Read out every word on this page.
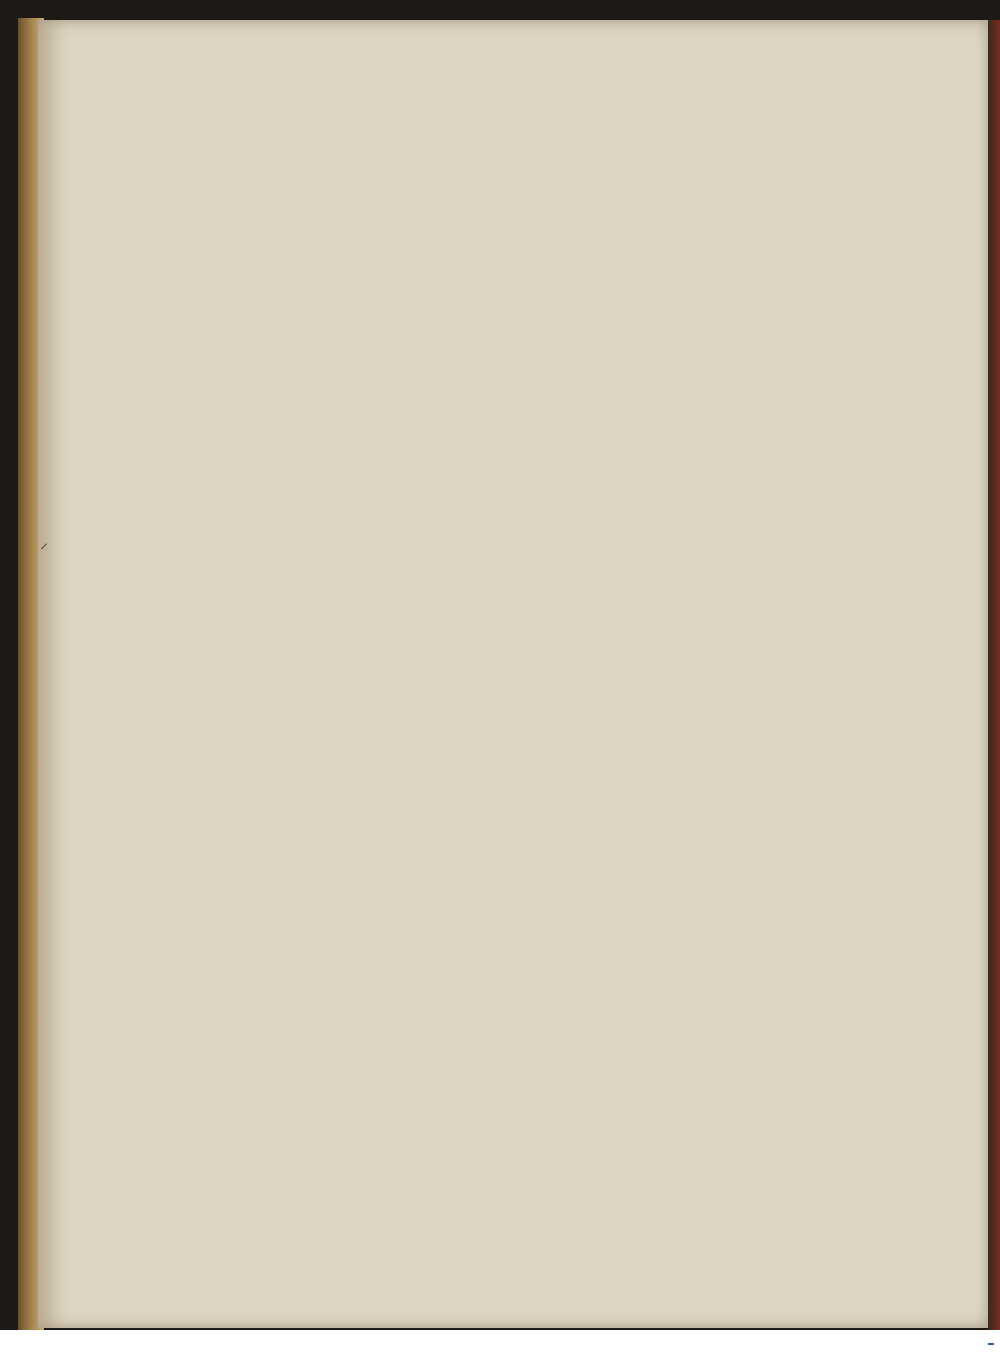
⸝
